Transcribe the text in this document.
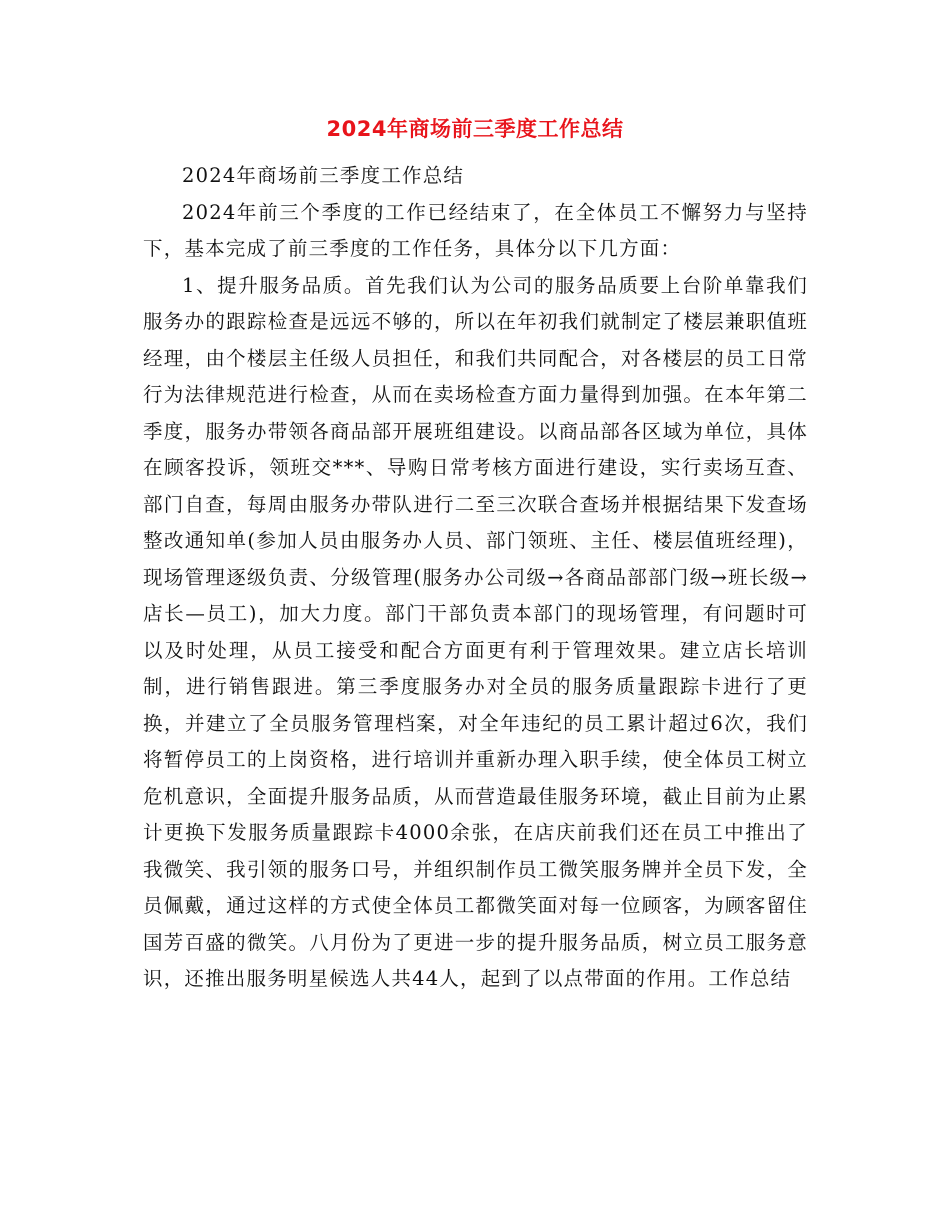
2024年商场前三季度工作总结

2024年商场前三季度工作总结

2024年前三个季度的工作已经结束了，在全体员工不懈努力与坚持下，基本完成了前三季度的工作任务，具体分以下几方面：

1、提升服务品质。首先我们认为公司的服务品质要上台阶单靠我们服务办的跟踪检查是远远不够的，所以在年初我们就制定了楼层兼职值班经理，由个楼层主任级人员担任，和我们共同配合，对各楼层的员工日常行为法律规范进行检查，从而在卖场检查方面力量得到加强。在本年第二季度，服务办带领各商品部开展班组建设。以商品部各区域为单位，具体在顾客投诉，领班交***、导购日常考核方面进行建设，实行卖场互查、部门自查，每周由服务办带队进行二至三次联合查场并根据结果下发查场整改通知单(参加人员由服务办人员、部门领班、主任、楼层值班经理)，现场管理逐级负责、分级管理(服务办公司级→各商品部部门级→班长级→店长—员工)，加大力度。部门干部负责本部门的现场管理，有问题时可以及时处理，从员工接受和配合方面更有利于管理效果。建立店长培训制，进行销售跟进。第三季度服务办对全员的服务质量跟踪卡进行了更换，并建立了全员服务管理档案，对全年违纪的员工累计超过6次，我们将暂停员工的上岗资格，进行培训并重新办理入职手续，使全体员工树立危机意识，全面提升服务品质，从而营造最佳服务环境，截止目前为止累计更换下发服务质量跟踪卡4000余张，在店庆前我们还在员工中推出了我微笑、我引领的服务口号，并组织制作员工微笑服务牌并全员下发，全员佩戴，通过这样的方式使全体员工都微笑面对每一位顾客，为顾客留住国芳百盛的微笑。八月份为了更进一步的提升服务品质，树立员工服务意识，还推出服务明星候选人共44人，起到了以点带面的作用。工作总结
